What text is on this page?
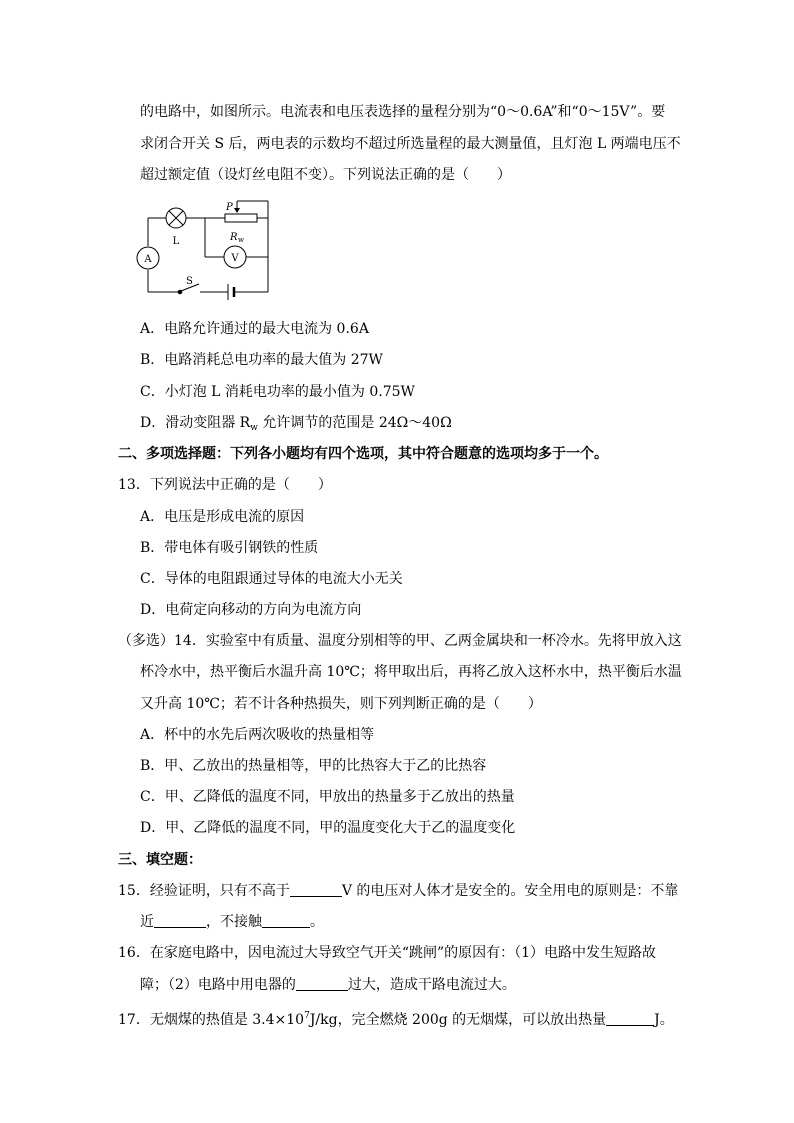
的电路中，如图所示。电流表和电压表选择的量程分别为“0～0.6A”和“0～15V”。要
求闭合开关 S 后，两电表的示数均不超过所选量程的最大测量值，且灯泡 L 两端电压不
超过额定值（设灯丝电阻不变）。下列说法正确的是（　　）
A	V
L
P
R w
S
A．电路允许通过的最大电流为 0.6A
B．电路消耗总电功率的最大值为 27W
C．小灯泡 L 消耗电功率的最小值为 0.75W
D．滑动变阻器 $R_w$ 允许调节的范围是 24Ω～40Ω
二、多项选择题：下列各小题均有四个选项，其中符合题意的选项均多于一个。
13．下列说法中正确的是（　　）
A．电压是形成电流的原因
B．带电体有吸引钢铁的性质
C．导体的电阻跟通过导体的电流大小无关
D．电荷定向移动的方向为电流方向
（多选）14．实验室中有质量、温度分别相等的甲、乙两金属块和一杯冷水。先将甲放入这
杯冷水中，热平衡后水温升高 10℃；将甲取出后，再将乙放入这杯水中，热平衡后水温
又升高 10℃；若不计各种热损失，则下列判断正确的是（　　）
A．杯中的水先后两次吸收的热量相等
B．甲、乙放出的热量相等，甲的比热容大于乙的比热容
C．甲、乙降低的温度不同，甲放出的热量多于乙放出的热量
D．甲、乙降低的温度不同，甲的温度变化大于乙的温度变化
三、填空题：
15．经验证明，只有不高于	V 的电压对人体才是安全的。安全用电的原则是：不靠
近	，不接触	。
16．在家庭电路中，因电流过大导致空气开关“跳闸”的原因有：（1）电路中发生短路故
障；（2）电路中用电器的	过大，造成干路电流过大。
17．无烟煤的热值是 $3.4\times 10^7J/kg$，完全燃烧 200g 的无烟煤，可以放出热量	J。
